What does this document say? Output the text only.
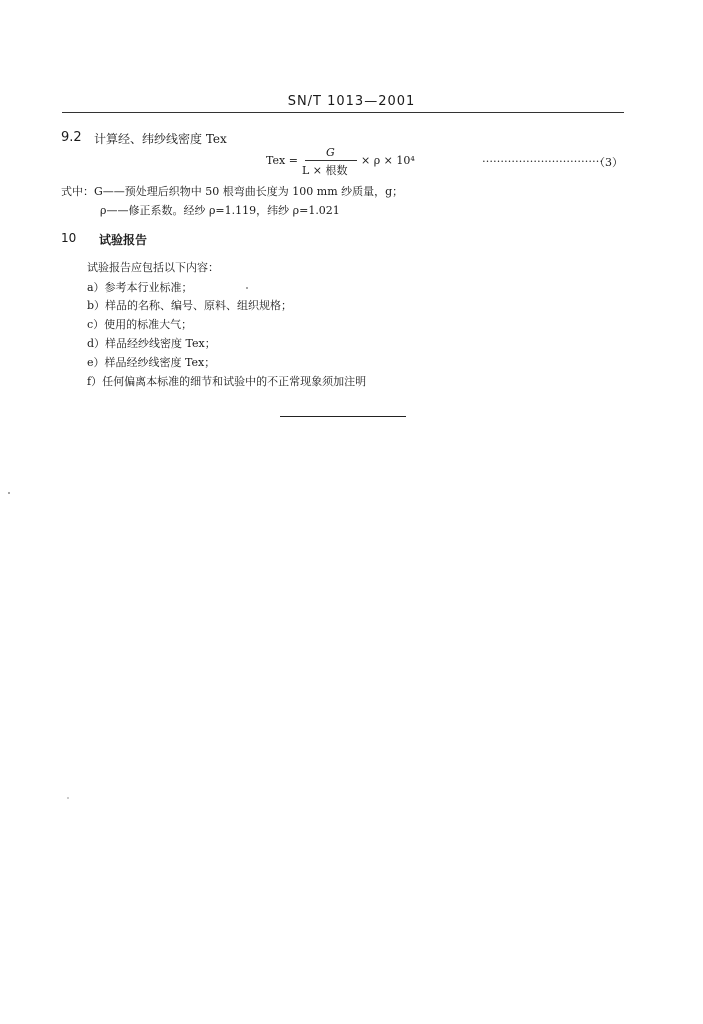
SN/T 1013—2001
9.2 计算经、纬纱线密度 Tex
Tex =
G
L × 根数
× ρ × 10⁴	……………………………
（3）
式中：G——预处理后织物中 50 根弯曲长度为 100 mm 纱质量，g；
ρ——修正系数。经纱 ρ=1.119，纬纱 ρ=1.021
10 试验报告
试验报告应包括以下内容：
a）参考本行业标准；
b）样品的名称、编号、原料、组织规格；
c）使用的标准大气；
d）样品经纱线密度 Tex；
e）样品经纱线密度 Tex；
f）任何偏离本标准的细节和试验中的不正常现象须加注明
